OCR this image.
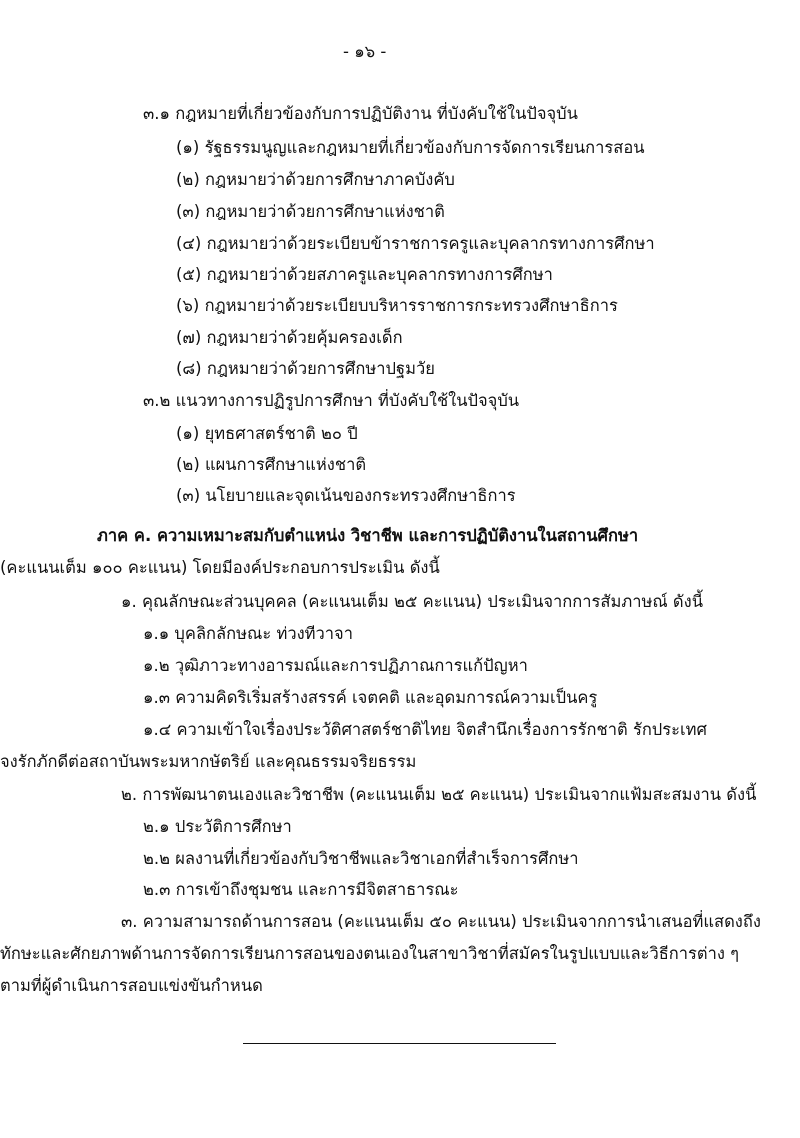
- ๑๖ -

๓.๑ กฎหมายที่เกี่ยวข้องกับการปฏิบัติงาน ที่บังคับใช้ในปัจจุบัน

(๑) รัฐธรรมนูญและกฎหมายที่เกี่ยวข้องกับการจัดการเรียนการสอน

(๒) กฎหมายว่าด้วยการศึกษาภาคบังคับ

(๓) กฎหมายว่าด้วยการศึกษาแห่งชาติ

(๔) กฎหมายว่าด้วยระเบียบข้าราชการครูและบุคลากรทางการศึกษา

(๕) กฎหมายว่าด้วยสภาครูและบุคลากรทางการศึกษา

(๖) กฎหมายว่าด้วยระเบียบบริหารราชการกระทรวงศึกษาธิการ

(๗) กฎหมายว่าด้วยคุ้มครองเด็ก

(๘) กฎหมายว่าด้วยการศึกษาปฐมวัย

๓.๒ แนวทางการปฏิรูปการศึกษา ที่บังคับใช้ในปัจจุบัน

(๑) ยุทธศาสตร์ชาติ ๒๐ ปี

(๒) แผนการศึกษาแห่งชาติ

(๓) นโยบายและจุดเน้นของกระทรวงศึกษาธิการ

ภาค ค. ความเหมาะสมกับตำแหน่ง วิชาชีพ และการปฏิบัติงานในสถานศึกษา

(คะแนนเต็ม ๑๐๐ คะแนน) โดยมีองค์ประกอบการประเมิน ดังนี้

๑. คุณลักษณะส่วนบุคคล (คะแนนเต็ม ๒๕ คะแนน) ประเมินจากการสัมภาษณ์ ดังนี้

๑.๑ บุคลิกลักษณะ ท่วงทีวาจา

๑.๒ วุฒิภาวะทางอารมณ์และการปฏิภาณการแก้ปัญหา

๑.๓ ความคิดริเริ่มสร้างสรรค์ เจตคติ และอุดมการณ์ความเป็นครู

๑.๔ ความเข้าใจเรื่องประวัติศาสตร์ชาติไทย จิตสำนึกเรื่องการรักชาติ รักประเทศ

จงรักภักดีต่อสถาบันพระมหากษัตริย์ และคุณธรรมจริยธรรม

๒. การพัฒนาตนเองและวิชาชีพ (คะแนนเต็ม ๒๕ คะแนน) ประเมินจากแฟ้มสะสมงาน ดังนี้

๒.๑ ประวัติการศึกษา

๒.๒ ผลงานที่เกี่ยวข้องกับวิชาชีพและวิชาเอกที่สำเร็จการศึกษา

๒.๓ การเข้าถึงชุมชน และการมีจิตสาธารณะ

๓. ความสามารถด้านการสอน (คะแนนเต็ม ๕๐ คะแนน) ประเมินจากการนำเสนอที่แสดงถึง

ทักษะและศักยภาพด้านการจัดการเรียนการสอนของตนเองในสาขาวิชาที่สมัครในรูปแบบและวิธีการต่าง ๆ

ตามที่ผู้ดำเนินการสอบแข่งขันกำหนด
